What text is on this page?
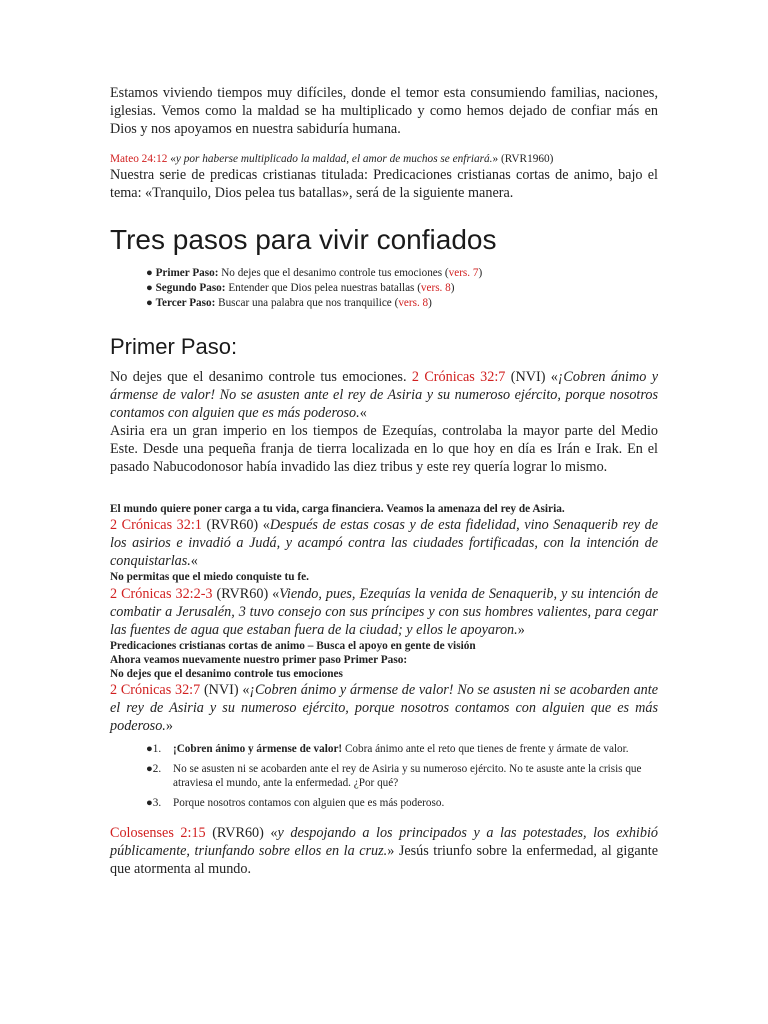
Estamos viviendo tiempos muy difíciles, donde el temor esta consumiendo familias, naciones, iglesias. Vemos como la maldad se ha multiplicado y como hemos dejado de confiar más en Dios y nos apoyamos en nuestra sabiduría humana.

Mateo 24:12 «y por haberse multiplicado la maldad, el amor de muchos se enfriará.» (RVR1960)

Nuestra serie de predicas cristianas titulada: Predicaciones cristianas cortas de animo, bajo el tema: «Tranquilo, Dios pelea tus batallas», será de la siguiente manera.

Tres pasos para vivir confiados
● Primer Paso: No dejes que el desanimo controle tus emociones (vers. 7)
● Segundo Paso: Entender que Dios pelea nuestras batallas (vers. 8)
● Tercer Paso: Buscar una palabra que nos tranquilice (vers. 8)
Primer Paso:

No dejes que el desanimo controle tus emociones. 2 Crónicas 32:7 (NVI) «¡Cobren ánimo y ármense de valor! No se asusten ante el rey de Asiria y su numeroso ejército, porque nosotros contamos con alguien que es más poderoso.«

Asiria era un gran imperio en los tiempos de Ezequías, controlaba la mayor parte del Medio Este. Desde una pequeña franja de tierra localizada en lo que hoy en día es Irán e Irak. En el pasado Nabucodonosor había invadido las diez tribus y este rey quería lograr lo mismo.

El mundo quiere poner carga a tu vida, carga financiera. Veamos la amenaza del rey de Asiria.

2 Crónicas 32:1 (RVR60) «Después de estas cosas y de esta fidelidad, vino Senaquerib rey de los asirios e invadió a Judá, y acampó contra las ciudades fortificadas, con la intención de conquistarlas.«

No permitas que el miedo conquiste tu fe.

2 Crónicas 32:2-3 (RVR60) «Viendo, pues, Ezequías la venida de Senaquerib, y su intención de combatir a Jerusalén, 3 tuvo consejo con sus príncipes y con sus hombres valientes, para cegar las fuentes de agua que estaban fuera de la ciudad; y ellos le apoyaron.»

Predicaciones cristianas cortas de animo – Busca el apoyo en gente de visión

Ahora veamos nuevamente nuestro primer paso Primer Paso:

No dejes que el desanimo controle tus emociones

2 Crónicas 32:7 (NVI) «¡Cobren ánimo y ármense de valor! No se asusten ni se acobarden ante el rey de Asiria y su numeroso ejército, porque nosotros contamos con alguien que es más poderoso.»

●1. ¡Cobren ánimo y ármense de valor! Cobra ánimo ante el reto que tienes de frente y ármate de valor.
●2. No se asusten ni se acobarden ante el rey de Asiria y su numeroso ejército. No te asuste ante la crisis que atraviesa el mundo, ante la enfermedad. ¿Por qué?
●3. Porque nosotros contamos con alguien que es más poderoso.

Colosenses 2:15 (RVR60) «y despojando a los principados y a las potestades, los exhibió públicamente, triunfando sobre ellos en la cruz.» Jesús triunfo sobre la enfermedad, al gigante que atormenta al mundo.
